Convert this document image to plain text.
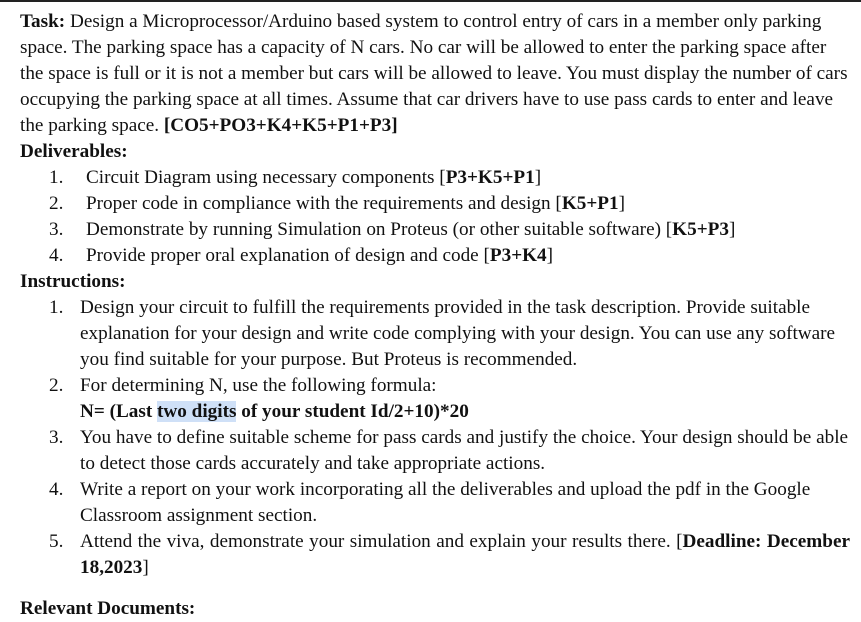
Task: Design a Microprocessor/Arduino based system to control entry of cars in a member only parking space. The parking space has a capacity of N cars. No car will be allowed to enter the parking space after the space is full or it is not a member but cars will be allowed to leave. You must display the number of cars occupying the parking space at all times. Assume that car drivers have to use pass cards to enter and leave the parking space. [CO5+PO3+K4+K5+P1+P3]

Deliverables:

1. Circuit Diagram using necessary components [P3+K5+P1]
2. Proper code in compliance with the requirements and design [K5+P1]
3. Demonstrate by running Simulation on Proteus (or other suitable software) [K5+P3]
4. Provide proper oral explanation of design and code [P3+K4]

Instructions:

1. Design your circuit to fulfill the requirements provided in the task description. Provide suitable explanation for your design and write code complying with your design. You can use any software you find suitable for your purpose. But Proteus is recommended.
2. For determining N, use the following formula:
N= (Last two digits of your student Id/2+10)*20
3. You have to define suitable scheme for pass cards and justify the choice. Your design should be able to detect those cards accurately and take appropriate actions.
4. Write a report on your work incorporating all the deliverables and upload the pdf in the Google Classroom assignment section.
5. Attend the viva, demonstrate your simulation and explain your results there. [Deadline: December 18,2023]
Relevant Documents:
